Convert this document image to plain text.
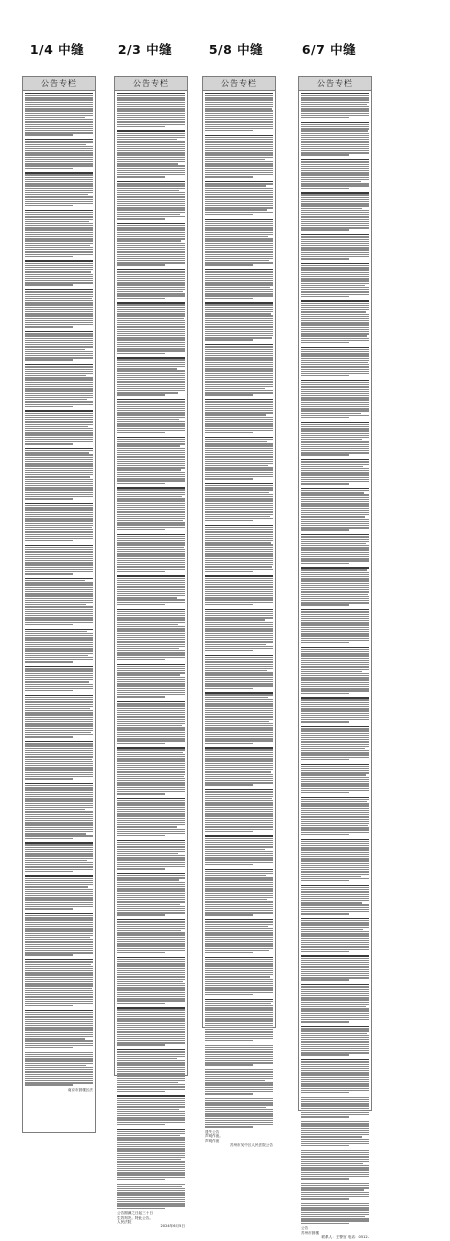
1/4 中缝	2/3 中缝	5/8 中缝	6/7 中缝
公告专栏
南京市鼓楼区法
公告专栏
公告期满之日起三十日
生效判决。特此公告。
人民法院
2024年6月5日
公告专栏
遗失公告
声明作废。
声明作废
苏州市吴中区人民法院公告
公告专栏
公告
苏州市鼓楼
联系人：王警官 电话：0512-
